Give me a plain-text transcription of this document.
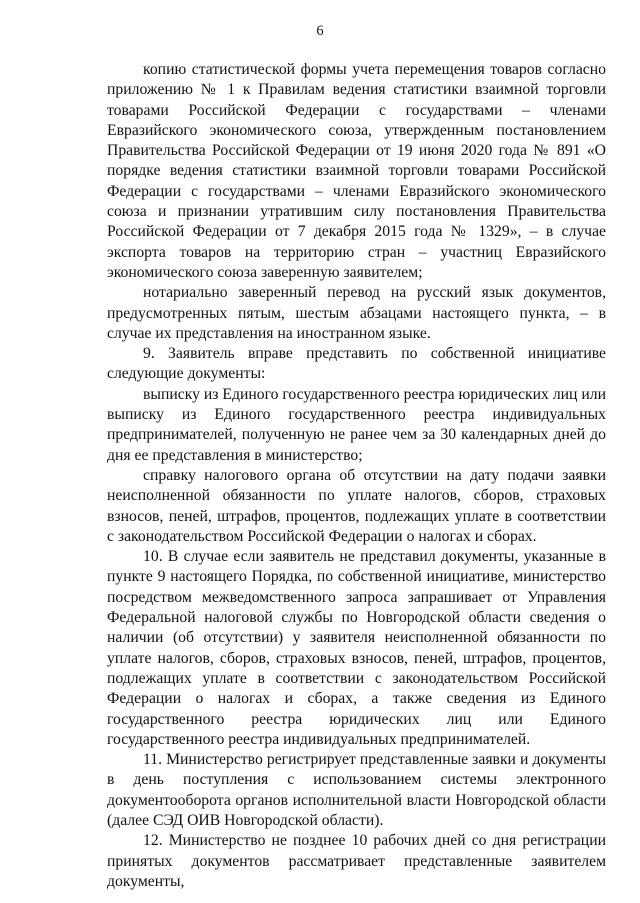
6

копию статистической формы учета перемещения товаров согласно приложению № 1 к Правилам ведения статистики взаимной торговли товарами Российской Федерации с государствами – членами Евразийского экономического союза, утвержденным постановлением Правительства Российской Федерации от 19 июня 2020 года № 891 «О порядке ведения статистики взаимной торговли товарами Российской Федерации с государствами – членами Евразийского экономического союза и признании утратившим силу постановления Правительства Российской Федерации от 7 декабря 2015 года № 1329», – в случае экспорта товаров на территорию стран – участниц Евразийского экономического союза заверенную заявителем;

нотариально заверенный перевод на русский язык документов, предусмотренных пятым, шестым абзацами настоящего пункта, – в случае их представления на иностранном языке.

9. Заявитель вправе представить по собственной инициативе следующие документы:

выписку из Единого государственного реестра юридических лиц или выписку из Единого государственного реестра индивидуальных предпринимателей, полученную не ранее чем за 30 календарных дней до дня ее представления в министерство;

справку налогового органа об отсутствии на дату подачи заявки неисполненной обязанности по уплате налогов, сборов, страховых взносов, пеней, штрафов, процентов, подлежащих уплате в соответствии с законодательством Российской Федерации о налогах и сборах.

10. В случае если заявитель не представил документы, указанные в пункте 9 настоящего Порядка, по собственной инициативе, министерство посредством межведомственного запроса запрашивает от Управления Федеральной налоговой службы по Новгородской области сведения о наличии (об отсутствии) у заявителя неисполненной обязанности по уплате налогов, сборов, страховых взносов, пеней, штрафов, процентов, подлежащих уплате в соответствии с законодательством Российской Федерации о налогах и сборах, а также сведения из Единого государственного реестра юридических лиц или Единого государственного реестра индивидуальных предпринимателей.

11. Министерство регистрирует представленные заявки и документы в день поступления с использованием системы электронного документооборота органов исполнительной власти Новгородской области (далее СЭД ОИВ Новгородской области).

12. Министерство не позднее 10 рабочих дней со дня регистрации принятых документов рассматривает представленные заявителем документы,
